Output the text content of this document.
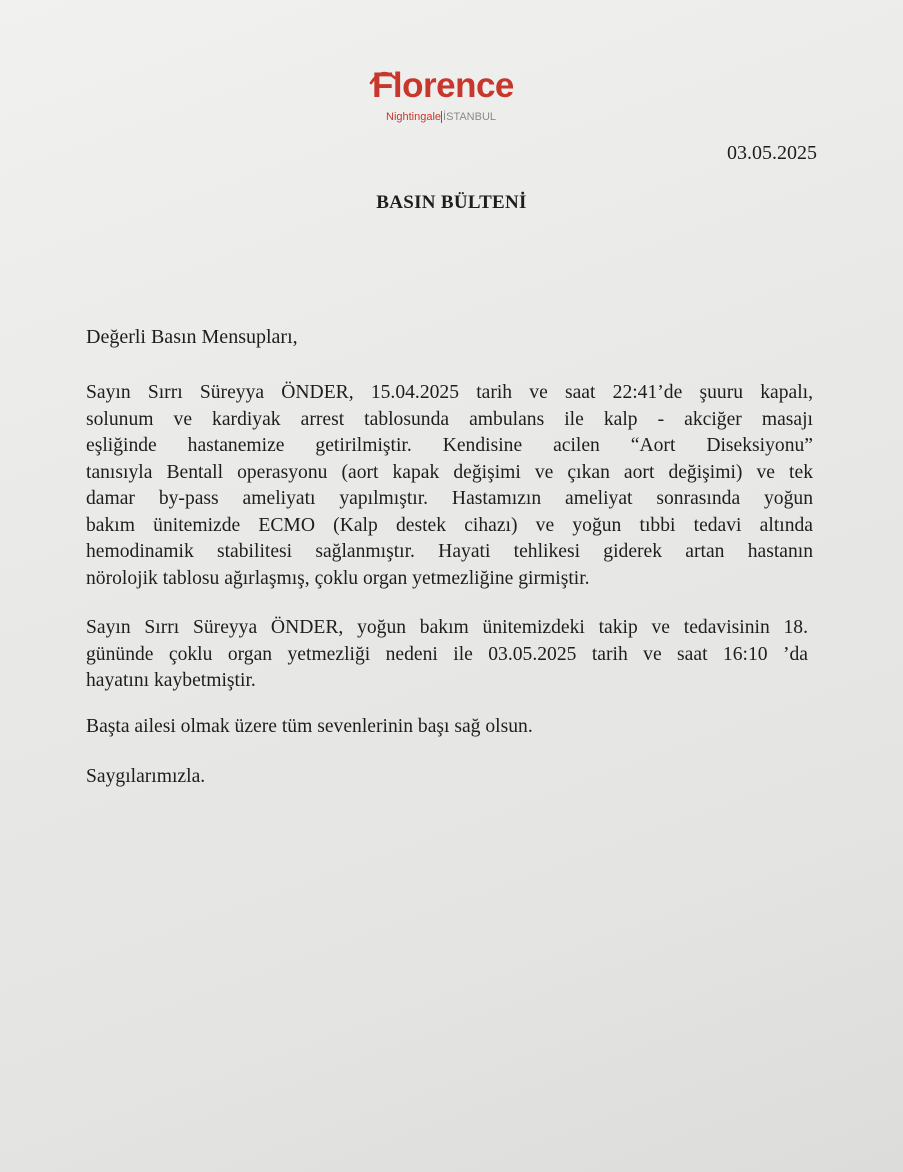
Florence
Nightingale İSTANBUL
03.05.2025
BASIN BÜLTENİ
Değerli Basın Mensupları,
Sayın Sırrı Süreyya ÖNDER, 15.04.2025 tarih ve saat 22:41’de şuuru kapalı,
solunum ve kardiyak arrest tablosunda ambulans ile kalp - akciğer masajı
eşliğinde hastanemize getirilmiştir. Kendisine acilen “Aort Diseksiyonu”
tanısıyla Bentall operasyonu (aort kapak değişimi ve çıkan aort değişimi) ve tek
damar by-pass ameliyatı yapılmıştır. Hastamızın ameliyat sonrasında yoğun
bakım ünitemizde ECMO (Kalp destek cihazı) ve yoğun tıbbi tedavi altında
hemodinamik stabilitesi sağlanmıştır. Hayati tehlikesi giderek artan hastanın
nörolojik tablosu ağırlaşmış, çoklu organ yetmezliğine girmiştir.
Sayın Sırrı Süreyya ÖNDER, yoğun bakım ünitemizdeki takip ve tedavisinin 18.
gününde çoklu organ yetmezliği nedeni ile 03.05.2025 tarih ve saat 16:10 ’da
hayatını kaybetmiştir.
Başta ailesi olmak üzere tüm sevenlerinin başı sağ olsun.
Saygılarımızla.
